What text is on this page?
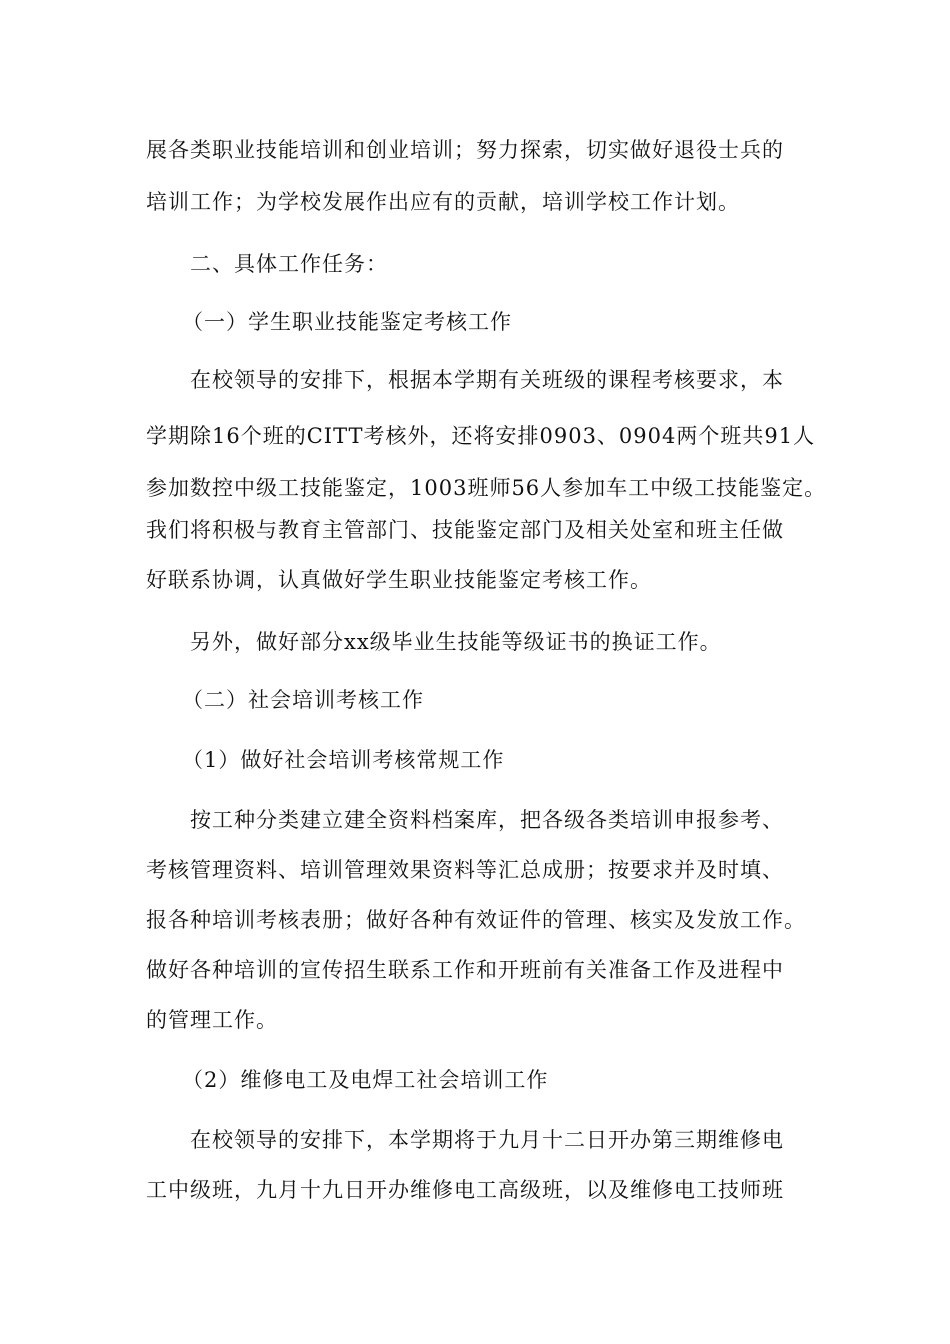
展各类职业技能培训和创业培训；努力探索，切实做好退役士兵的
培训工作；为学校发展作出应有的贡献，培训学校工作计划。
二、具体工作任务：
（一）学生职业技能鉴定考核工作
在校领导的安排下，根据本学期有关班级的课程考核要求，本
学期除16个班的CITT考核外，还将安排0903、0904两个班共91人
参加数控中级工技能鉴定，1003班师56人参加车工中级工技能鉴定。
我们将积极与教育主管部门、技能鉴定部门及相关处室和班主任做
好联系协调，认真做好学生职业技能鉴定考核工作。
另外，做好部分xx级毕业生技能等级证书的换证工作。
（二）社会培训考核工作
（1）做好社会培训考核常规工作
按工种分类建立建全资料档案库，把各级各类培训申报参考、
考核管理资料、培训管理效果资料等汇总成册；按要求并及时填、
报各种培训考核表册；做好各种有效证件的管理、核实及发放工作。
做好各种培训的宣传招生联系工作和开班前有关准备工作及进程中
的管理工作。
（2）维修电工及电焊工社会培训工作
在校领导的安排下，本学期将于九月十二日开办第三期维修电
工中级班，九月十九日开办维修电工高级班，以及维修电工技师班
